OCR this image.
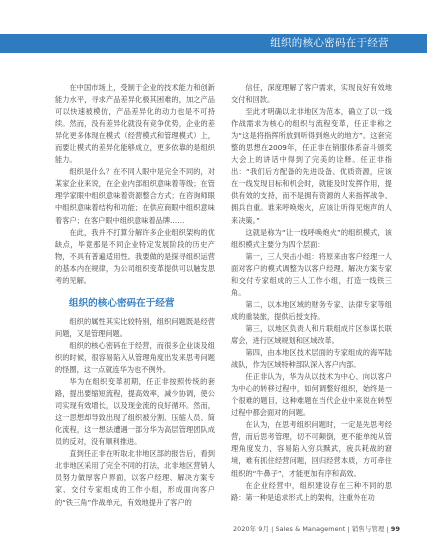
组织的核心密码在于经营

在中国市场上，受制于企业的技术能力和创新能力水平，寻求产品差异化极其困难的，加之产品可以快速被模仿，产品差异化的动力也是不可持续。然而，没有差异化就没有竞争优势，企业的差异化更多体现在模式（经营模式和管理模式）上，而要让模式的差异化能够成立，更多依靠的是组织能力。

组织是什么？在不同人眼中是完全不同的，对某家企业来说，在企业内部组织意味着等级；在管理学家眼中组织意味着资源整合方式；在咨询师眼中组织意味着结构和功能；在供应商眼中组织意味着客户；在客户眼中组织意味着品牌……

在此，我并不打算分解许多企业组织架构的优缺点，毕竟那是不同企业特定发展阶段的历史产物，不具有普遍适用性。我要做的是探寻组织运营的基本内在规律，为公司组织变革提供可以触发思考的见解。

组织的核心密码在于经营

组织的属性其实比较特别，组织问题既是经营问题，又是管理问题。

组织的核心密码在于经营，而很多企业谈及组织的时候，很容易陷入从管理角度出发来思考问题的怪圈，这一点就连华为也不例外。

华为在组织变革初期，任正非按照传统的套路，提出要缩短流程，提高效率，减少协调，使公司实现有效增长，以及现金流的良好循环。然而，这一思想却导致出现了组织被分割、压缩人员、简化流程，这一想法遭遇一部分华为高层管理团队成员的反对，没有顺利推进。

直到任正非在听取北非地区部的报告后，看到北非地区采用了完全不同的打法，北非地区营销人员努力做厚客户界面，以客户经理、解决方案专家、交付专家组成的工作小组，形成面向客户的“铁三角”作战单元，有效地提升了客户的

信任，深度理解了客户需求，实现良好有效地交付和回款。

至此才明确以北非地区为范本，确立了以一线作战需求为核心的组织与流程变革，任正非称之为“这是将指挥所放到听得到炮火的地方”。这套完整的思想在2009年，任正非在销服体系奋斗颁奖大会上的讲话中得到了完美的诠释。任正非指出：“我们后方配备的先进设备、优质资源，应该在一线发现目标和机会时，就能及时发挥作用，提供有效的支持，而不是拥有资源的人来指挥战争、拥兵自重。谁来呼唤炮火，应该让听得见炮声的人来决策。”

这就是称为“让一线呼唤炮火”的组织模式，该组织模式主要分为四个层面：

第一，三人突击小组：将原来由客户经理一人面对客户的模式调整为以客户经理、解决方案专家和交付专家组成的三人工作小组，打造一线铁三角。

第二，以本地区域的财务专家、法律专家等组成的重装旅，提供后授支持。

第三，以地区负责人和片联组成片区参谋长联席会，进行区域规划和区域改革。

第四，由本地区技术层面的专家组成的海军陆战队，作为区域特种部队深入客户内部。

任正非认为，华为从以技术为中心、向以客户为中心的转移过程中，如何调整好组织，始终是一个很难的题目，这种难题在当代企业中来说在转型过程中都会面对的问题。

在认为，在思考组织问题时，一定是先思考经营，而后思考管理，切不可颠倒，更不能单纯从管理角度发力，容易陷入穷兵黩武，疲兵耗战的窘境，难有抓住经营问题，回归经营本质，方可牵住组织的“牛鼻子”，才能更加有序和高效。

在企业经营中，组织建设存在三种不同的思路：第一种是追求形式上的架构，注重外在功

2020年 9月 | Sales & Management | 销售与管理 | 99
